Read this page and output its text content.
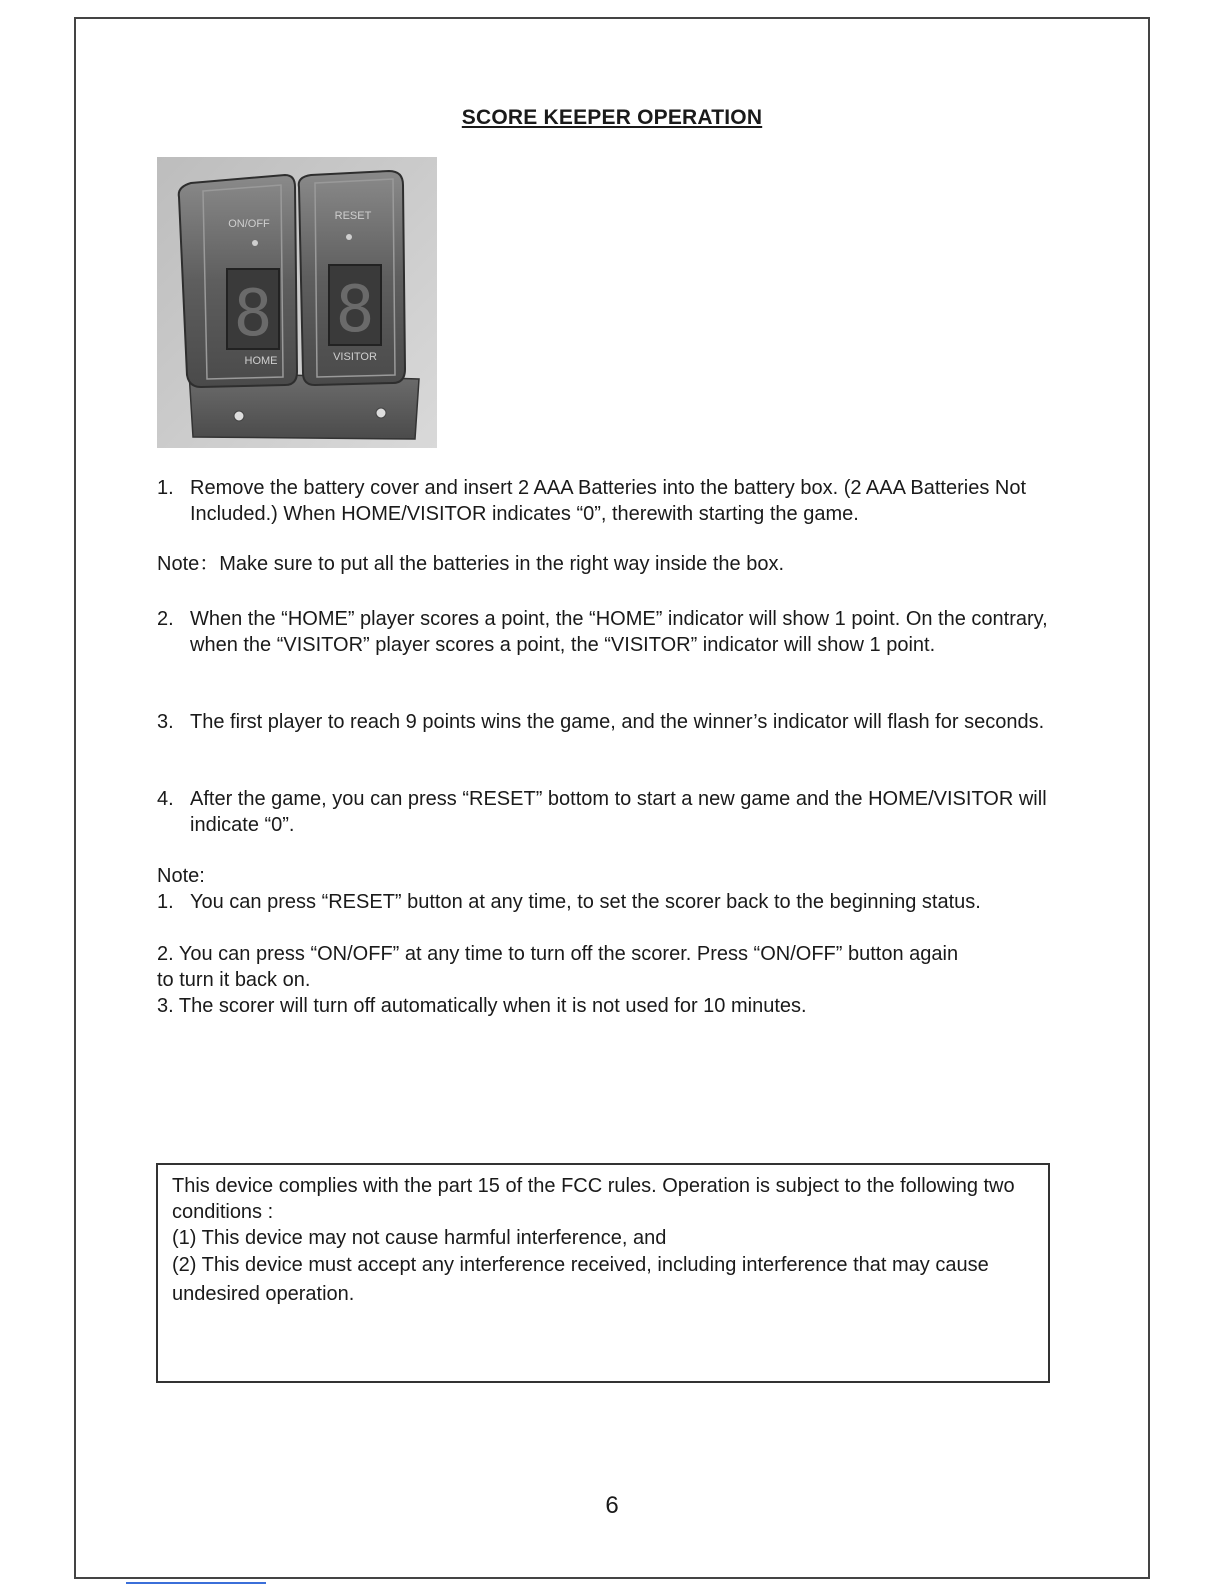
SCORE KEEPER OPERATION
ON/OFF
RESET
8 8
HOME	VISITOR
1. Remove the battery cover and insert 2 AAA Batteries into the battery box. (2 AAA Batteries Not Included.) When HOME/VISITOR indicates “0”, therewith starting the game.
Note：Make sure to put all the batteries in the right way inside the box.
2. When the “HOME” player scores a point, the “HOME” indicator will show 1 point. On the contrary, when the “VISITOR” player scores a point, the “VISITOR” indicator will show 1 point.
3. The first player to reach 9 points wins the game, and the winner’s indicator will flash for seconds.
4. After the game, you can press “RESET” bottom to start a new game and the HOME/VISITOR will indicate “0”.
Note:
1. You can press “RESET” button at any time, to set the scorer back to the beginning status.
2. You can press “ON/OFF” at any time to turn off the scorer. Press “ON/OFF” button again
to turn it back on.
3. The scorer will turn off automatically when it is not used for 10 minutes.
This device complies with the part 15 of the FCC rules. Operation is subject to the following two conditions :
(1) This device may not cause harmful interference, and
(2) This device must accept any interference received, including interference that may cause undesired operation.
6
